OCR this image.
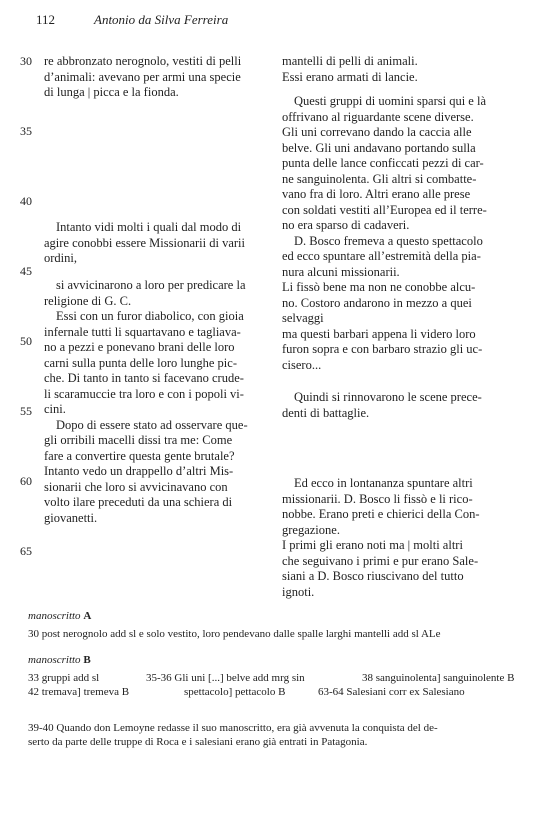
112	Antonio da Silva Ferreira
30
35
40
45
50
55
60
65
re abbronzato nerognolo, vestiti di pelli
d’animali: avevano per armi una specie
di lunga | picca e la fionda.
Intanto vidi molti i quali dal modo di
agire conobbi essere Missionarii di varii
ordini,
si avvicinarono a loro per predicare la
religione di G. C.
Essi con un furor diabolico, con gioia
infernale tutti li squartavano e tagliava-
no a pezzi e ponevano brani delle loro
carni sulla punta delle loro lunghe pic-
che. Di tanto in tanto si facevano crude-
li scaramuccie tra loro e con i popoli vi-
cini.
Dopo di essere stato ad osservare que-
gli orribili macelli dissi tra me: Come
fare a convertire questa gente brutale?
Intanto vedo un drappello d’altri Mis-
sionarii che loro si avvicinavano con
volto ilare preceduti da una schiera di
giovanetti.
mantelli di pelli di animali.
Essi erano armati di lancie.
Questi gruppi di uomini sparsi qui e là
offrivano al riguardante scene diverse.
Gli uni correvano dando la caccia alle
belve. Gli uni andavano portando sulla
punta delle lance conficcati pezzi di car-
ne sanguinolenta. Gli altri si combatte-
vano fra di loro. Altri erano alle prese
con soldati vestiti all’Europea ed il terre-
no era sparso di cadaveri.
D. Bosco fremeva a questo spettacolo
ed ecco spuntare all’estremità della pia-
nura alcuni missionarii.
Li fissò bene ma non ne conobbe alcu-
no. Costoro andarono in mezzo a quei
selvaggi
ma questi barbari appena li videro loro
furon sopra e con barbaro strazio gli uc-
cisero...
Quindi si rinnovarono le scene prece-
denti di battaglie.
Ed ecco in lontananza spuntare altri
missionarii. D. Bosco li fissò e li rico-
nobbe. Erano preti e chierici della Con-
gregazione.
I primi gli erano noti ma | molti altri
che seguivano i primi e pur erano Sale-
siani a D. Bosco riuscivano del tutto
ignoti.
manoscritto A
30 post nerognolo add sl e solo vestito, loro pendevano dalle spalle larghi mantelli add sl ALe
manoscritto B
33 gruppi add sl	35-36 Gli uni [...] belve add mrg sin	38 sanguinolenta] sanguinolente B
42 tremava] tremeva B	spettacolo] pettacolo B	63-64 Salesiani corr ex Salesiano
39-40 Quando don Lemoyne redasse il suo manoscritto, era già avvenuta la conquista del de-
serto da parte delle truppe di Roca e i salesiani erano già entrati in Patagonia.
